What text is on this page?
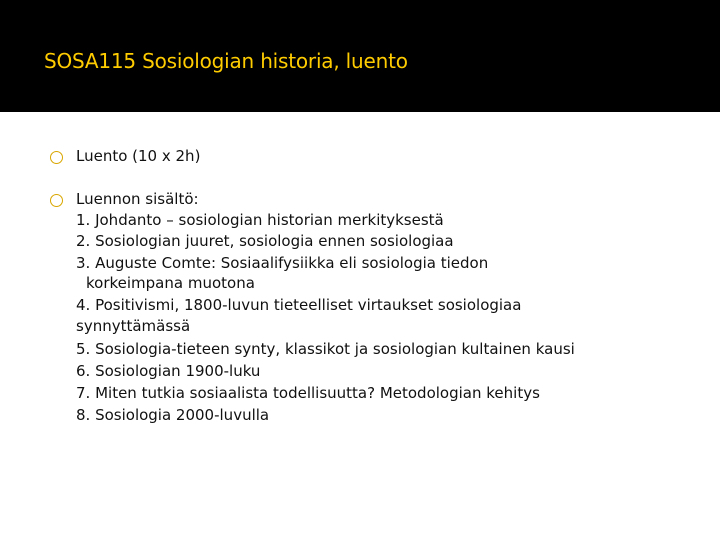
SOSA115 Sosiologian historia, luento
Luento (10 x 2h)
Luennon sisältö:
1. Johdanto – sosiologian historian merkityksestä
2. Sosiologian juuret, sosiologia ennen sosiologiaa
3. Auguste Comte: Sosiaalifysiikka eli sosiologia tiedon
korkeimpana muotona
4. Positivismi, 1800-luvun tieteelliset virtaukset sosiologiaa
synnyttämässä
5. Sosiologia-tieteen synty, klassikot ja sosiologian kultainen kausi
6. Sosiologian 1900-luku
7. Miten tutkia sosiaalista todellisuutta? Metodologian kehitys
8. Sosiologia 2000-luvulla
